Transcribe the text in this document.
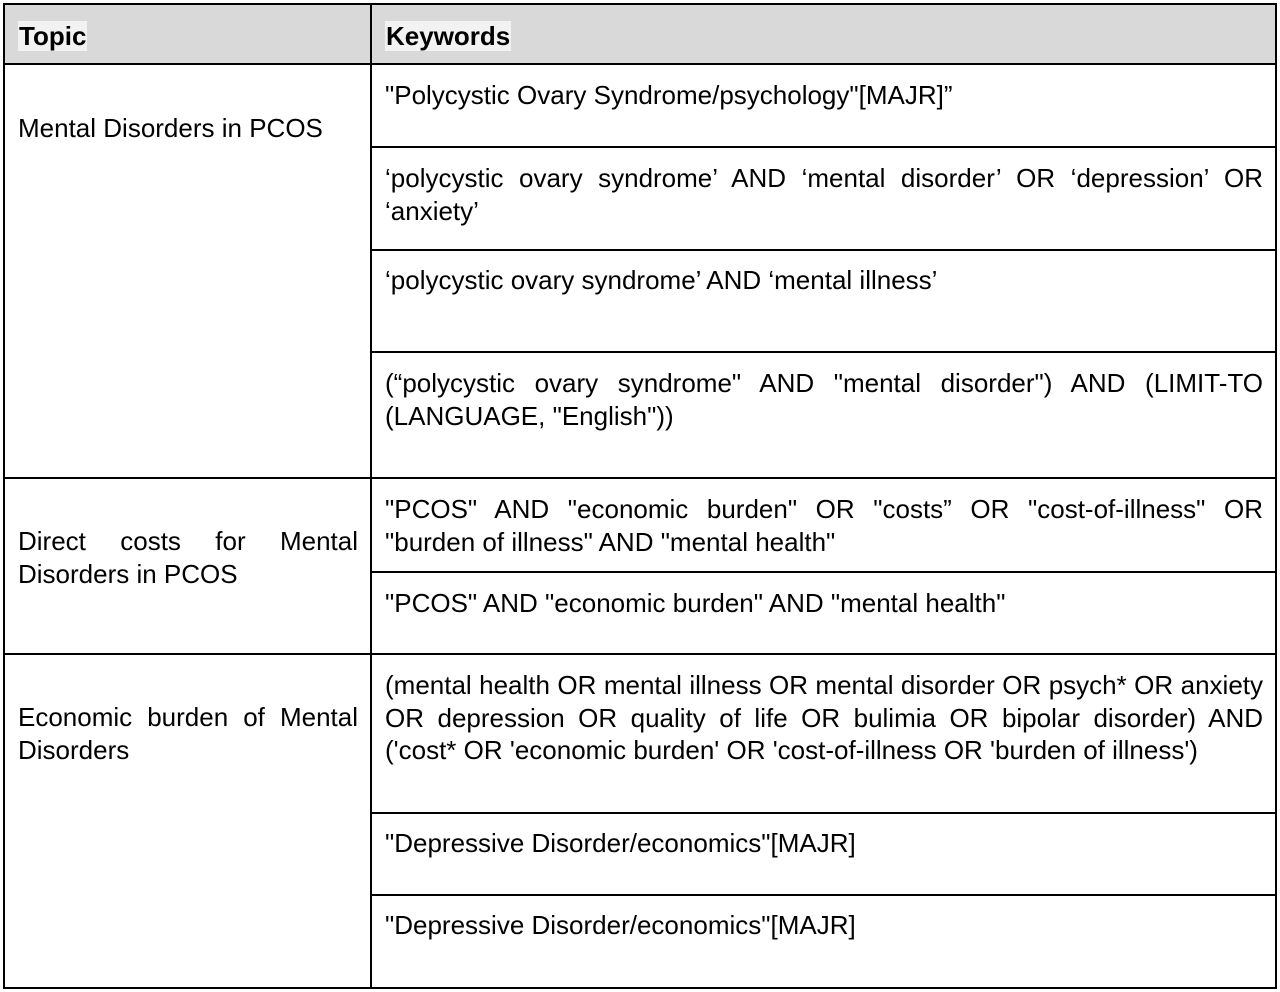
Topic	Keywords
Mental Disorders in PCOS
Direct costs for Mental Disorders in PCOS
Economic burden of Mental Disorders
"Polycystic Ovary Syndrome/psychology"[MAJR]”
‘polycystic ovary syndrome’ AND ‘mental disorder’ OR ‘depression’ OR ‘anxiety’
‘polycystic ovary syndrome’ AND ‘mental illness’
(“polycystic ovary syndrome" AND "mental disorder") AND (LIMIT-TO (LANGUAGE, "English"))
"PCOS" AND "economic burden" OR "costs” OR "cost-of-illness" OR "burden of illness" AND "mental health"
"PCOS" AND "economic burden" AND "mental health"
(mental health OR mental illness OR mental disorder OR psych* OR anxiety OR depression OR quality of life OR bulimia OR bipolar disorder) AND ('cost* OR 'economic burden' OR 'cost-of-illness OR 'burden of illness')
"Depressive Disorder/economics"[MAJR]
"Depressive Disorder/economics"[MAJR]
